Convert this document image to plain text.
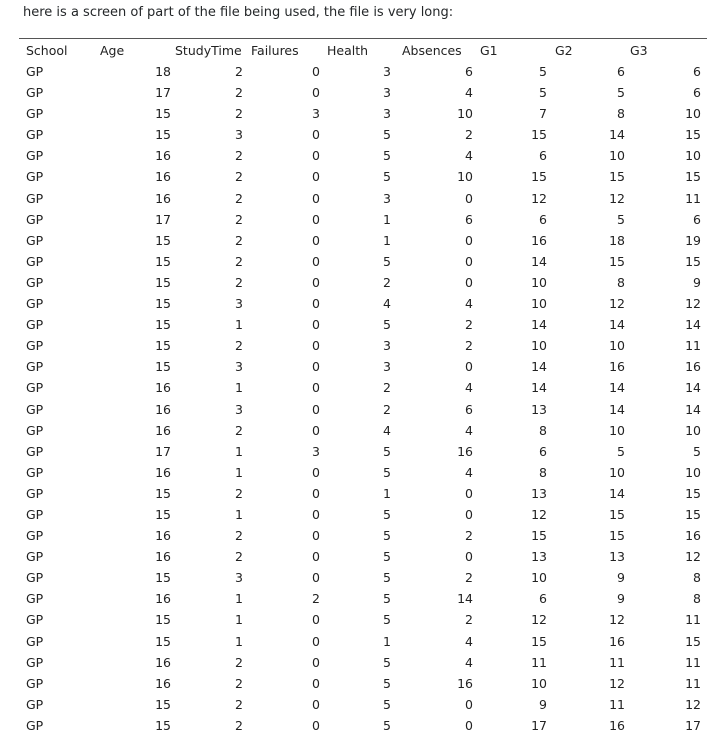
here is a screen of part of the file being used, the file is very long:
School	Age	StudyTime Failures Health	Absences G1	G2	G3
GP	18	2	0	3	6	5	6	6
GP	17	2	0	3	4	5	5	6
GP	15	2	3	3	10	7	8	10
GP	15	3	0	5	2	15	14	15
GP	16	2	0	5	4	6	10	10
GP	16	2	0	5	10	15	15	15
GP	16	2	0	3	0	12	12	11
GP	17	2	0	1	6	6	5	6
GP	15	2	0	1	0	16	18	19
GP	15	2	0	5	0	14	15	15
GP	15	2	0	2	0	10	8	9
GP	15	3	0	4	4	10	12	12
GP	15	1	0	5	2	14	14	14
GP	15	2	0	3	2	10	10	11
GP	15	3	0	3	0	14	16	16
GP	16	1	0	2	4	14	14	14
GP	16	3	0	2	6	13	14	14
GP	16	2	0	4	4	8	10	10
GP	17	1	3	5	16	6	5	5
GP	16	1	0	5	4	8	10	10
GP	15	2	0	1	0	13	14	15
GP	15	1	0	5	0	12	15	15
GP	16	2	0	5	2	15	15	16
GP	16	2	0	5	0	13	13	12
GP	15	3	0	5	2	10	9	8
GP	16	1	2	5	14	6	9	8
GP	15	1	0	5	2	12	12	11
GP	15	1	0	1	4	15	16	15
GP	16	2	0	5	4	11	11	11
GP	16	2	0	5	16	10	12	11
GP	15	2	0	5	0	9	11	12
GP	15	2	0	5	0	17	16	17
